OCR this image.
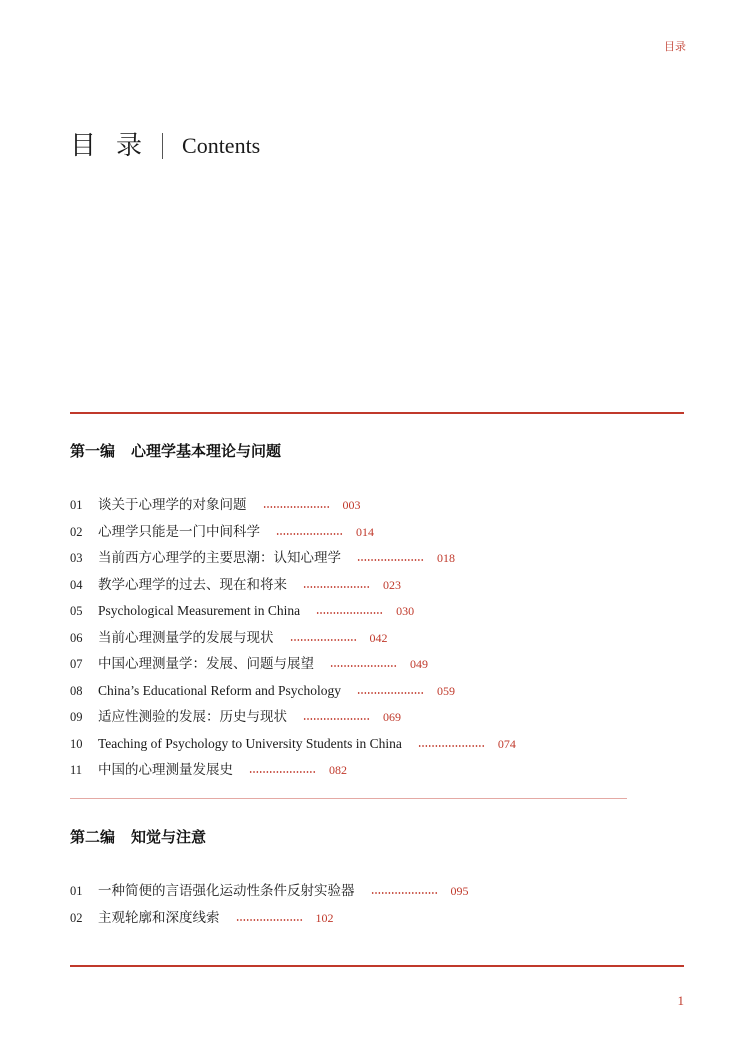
目录
目录 Contents
第一编 心理学基本理论与问题
01	谈关于心理学的对象问题	003
02	心理学只能是一门中间科学	014
03	当前西方心理学的主要思潮：认知心理学	018
04	教学心理学的过去、现在和将来	023
05	Psychological Measurement in China	030
06	当前心理测量学的发展与现状	042
07	中国心理测量学：发展、问题与展望	049
08	China’s Educational Reform and Psychology	059
09	适应性测验的发展：历史与现状	069
10	Teaching of Psychology to University Students in China	074
11	中国的心理测量发展史	082
第二编 知觉与注意
01	一种简便的言语强化运动性条件反射实验器	095
02	主观轮廓和深度线索	102
1
